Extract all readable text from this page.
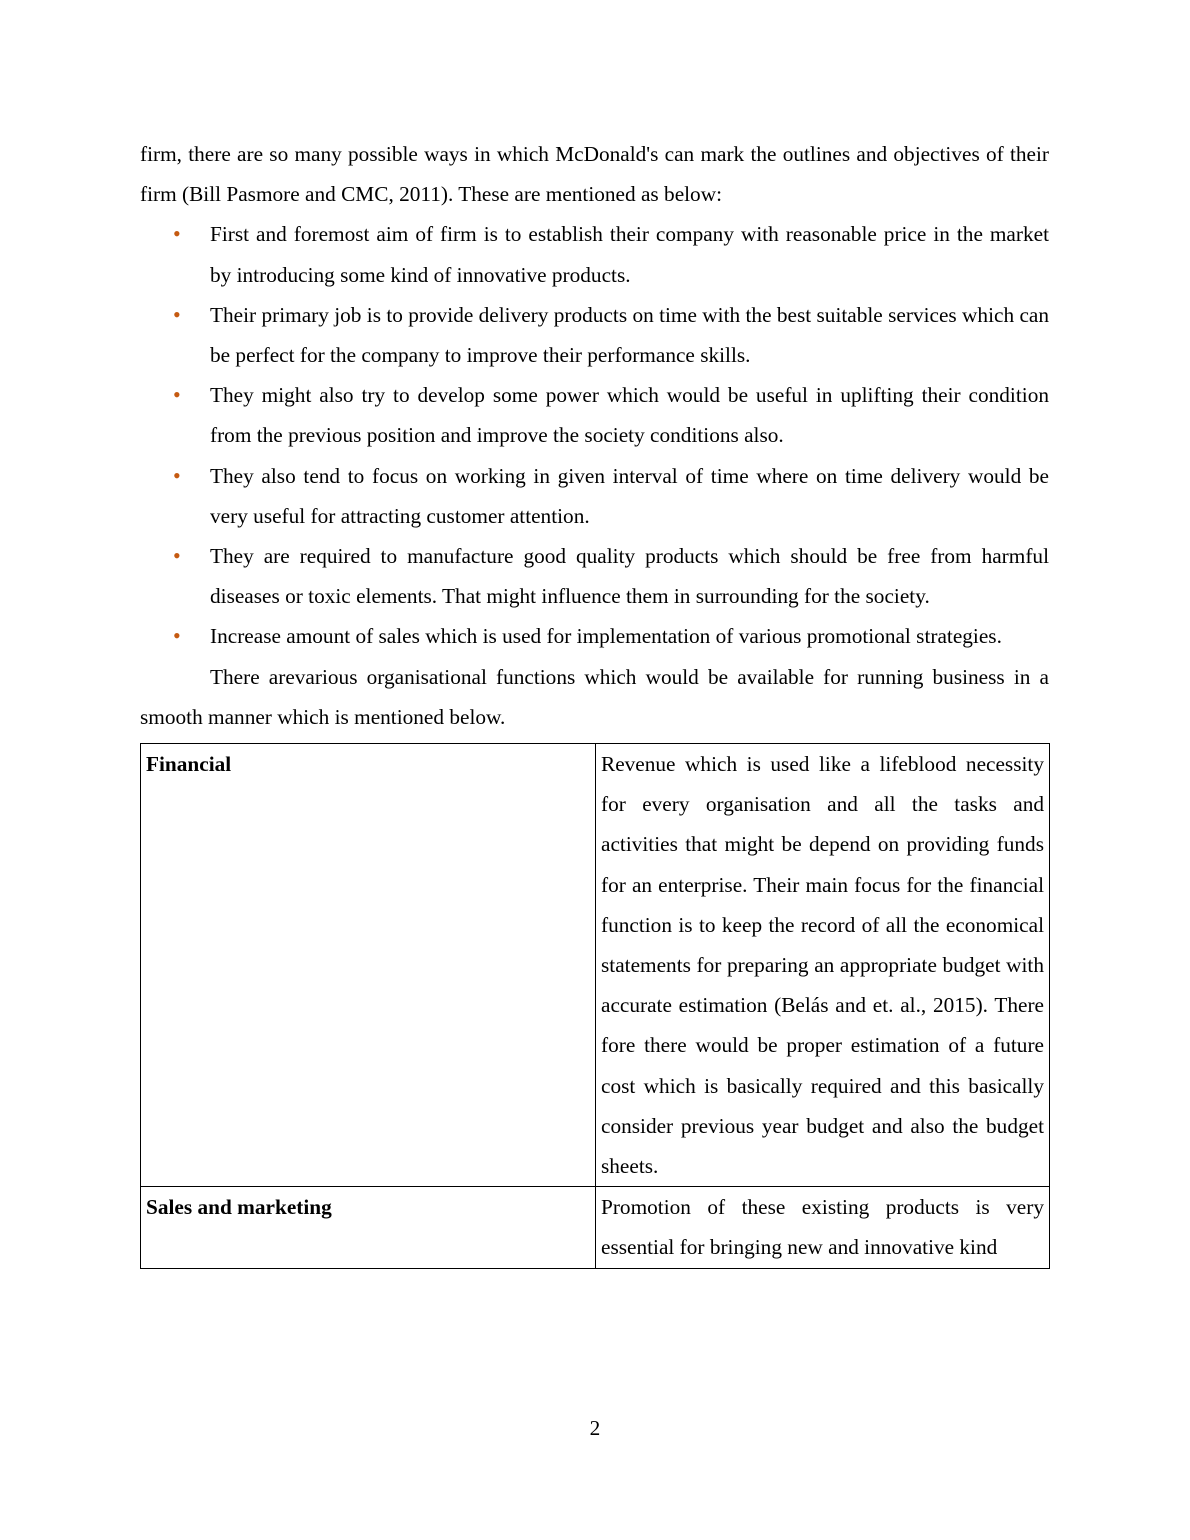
firm, there are so many possible ways in which McDonald's can mark the outlines and objectives of their firm (Bill Pasmore and CMC, 2011). These are mentioned as below:

• First and foremost aim of firm is to establish their company with reasonable price in the market by introducing some kind of innovative products.
• Their primary job is to provide delivery products on time with the best suitable services which can be perfect for the company to improve their performance skills.
• They might also try to develop some power which would be useful in uplifting their condition from the previous position and improve the society conditions also.
• They also tend to focus on working in given interval of time where on time delivery would be very useful for attracting customer attention.
• They are required to manufacture good quality products which should be free from harmful diseases or toxic elements. That might influence them in surrounding for the society.
• Increase amount of sales which is used for implementation of various promotional strategies.

There arevarious organisational functions which would be available for running business in a smooth manner which is mentioned below.

Financial	Revenue which is used like a lifeblood necessity for every organisation and all the tasks and activities that might be depend on providing funds for an enterprise. Their main focus for the financial function is to keep the record of all the economical statements for preparing an appropriate budget with accurate estimation (Belás and et. al., 2015). There fore there would be proper estimation of a future cost which is basically required and this basically consider previous year budget and also the budget sheets.
Sales and marketing	Promotion of these existing products is very essential for bringing new and innovative kind
2
